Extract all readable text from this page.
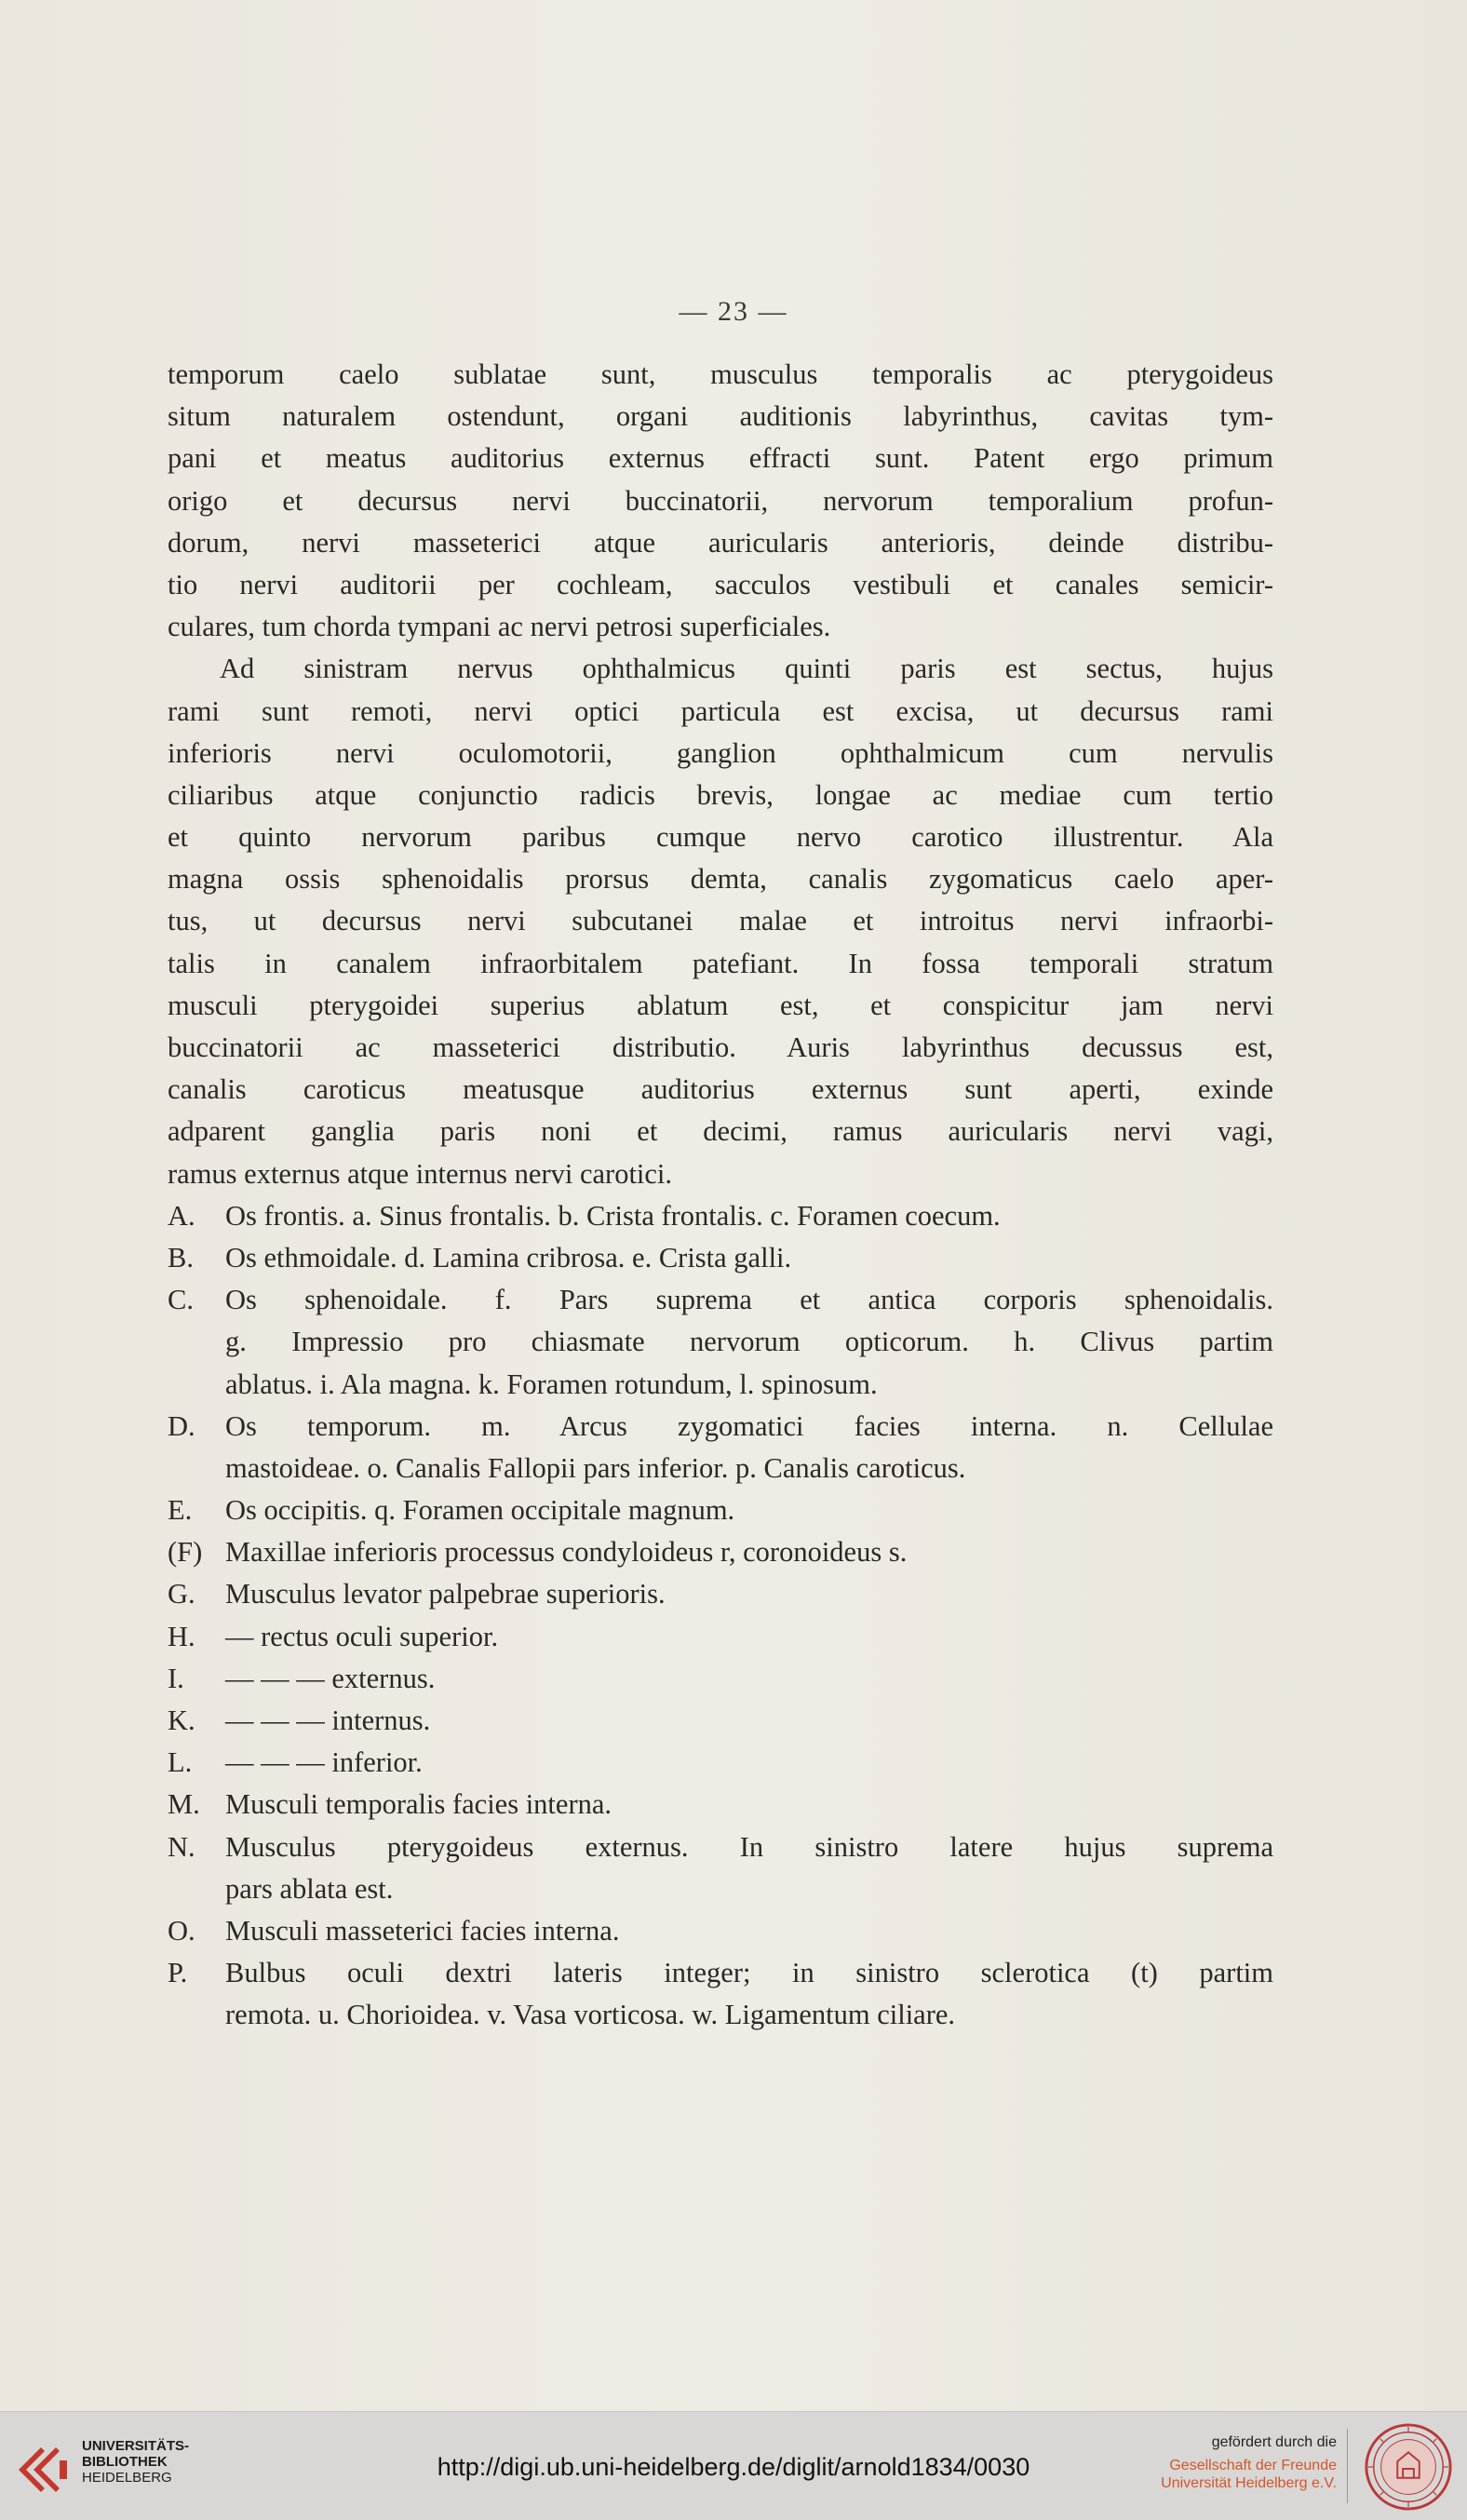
— 23 —
temporum caelo sublatae sunt, musculus temporalis ac pterygoideus
situm naturalem ostendunt, organi auditionis labyrinthus, cavitas tym-
pani et meatus auditorius externus effracti sunt. Patent ergo primum
origo et decursus nervi buccinatorii, nervorum temporalium profun-
dorum, nervi masseterici atque auricularis anterioris, deinde distribu-
tio nervi auditorii per cochleam, sacculos vestibuli et canales semicir-
culares, tum chorda tympani ac nervi petrosi superficiales.
Ad sinistram nervus ophthalmicus quinti paris est sectus, hujus
rami sunt remoti, nervi optici particula est excisa, ut decursus rami
inferioris nervi oculomotorii, ganglion ophthalmicum cum nervulis
ciliaribus atque conjunctio radicis brevis, longae ac mediae cum tertio
et quinto nervorum paribus cumque nervo carotico illustrentur. Ala
magna ossis sphenoidalis prorsus demta, canalis zygomaticus caelo aper-
tus, ut decursus nervi subcutanei malae et introitus nervi infraorbi-
talis in canalem infraorbitalem patefiant. In fossa temporali stratum
musculi pterygoidei superius ablatum est, et conspicitur jam nervi
buccinatorii ac masseterici distributio. Auris labyrinthus decussus est,
canalis caroticus meatusque auditorius externus sunt aperti, exinde
adparent ganglia paris noni et decimi, ramus auricularis nervi vagi,
ramus externus atque internus nervi carotici.
A. Os frontis. a. Sinus frontalis. b. Crista frontalis. c. Foramen coecum.
B. Os ethmoidale. d. Lamina cribrosa. e. Crista galli.
C. Os sphenoidale. f. Pars suprema et antica corporis sphenoidalis.
g. Impressio pro chiasmate nervorum opticorum. h. Clivus partim
ablatus. i. Ala magna. k. Foramen rotundum, l. spinosum.
D. Os temporum. m. Arcus zygomatici facies interna. n. Cellulae
mastoideae. o. Canalis Fallopii pars inferior. p. Canalis caroticus.
E. Os occipitis. q. Foramen occipitale magnum.
(F) Maxillae inferioris processus condyloideus r, coronoideus s.
G. Musculus levator palpebrae superioris.
H. — rectus oculi superior.
I. — — — externus.
K. — — — internus.
L. — — — inferior.
M. Musculi temporalis facies interna.
N. Musculus pterygoideus externus. In sinistro latere hujus suprema
pars ablata est.
O. Musculi masseterici facies interna.
P. Bulbus oculi dextri lateris integer; in sinistro sclerotica (t) partim
remota. u. Chorioidea. v. Vasa vorticosa. w. Ligamentum ciliare.
UNIVERSITÄTS-
BIBLIOTHEK
HEIDELBERG	http://digi.ub.uni-heidelberg.de/diglit/arnold1834/0030
gefördert durch die
Gesellschaft der Freunde
Universität Heidelberg e.V.
